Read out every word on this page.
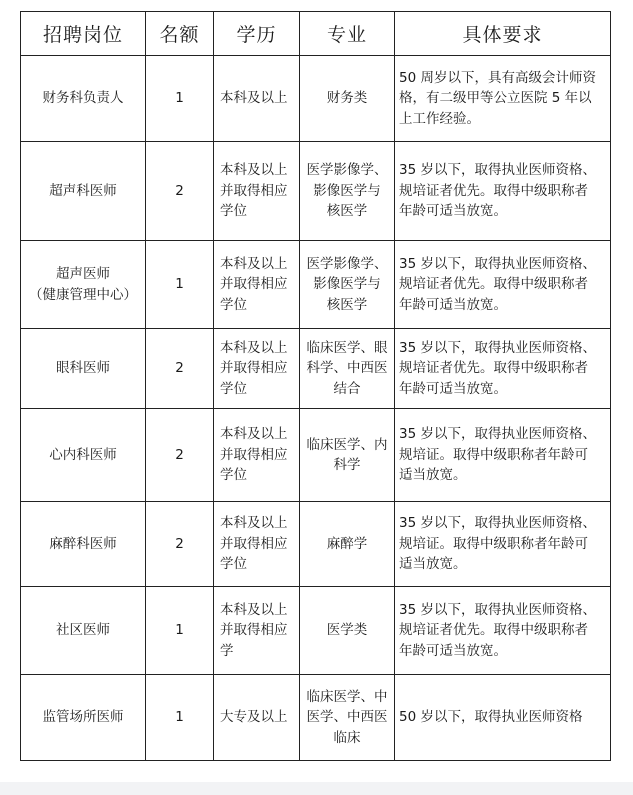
招聘岗位	名额	学历	专业	具体要求

财务科负责人	1	本科及以上	财务类	50 周岁以下，具有高级会计师资
格，有二级甲等公立医院 5 年以
上工作经验。

超声科医师	2	本科及以上
并取得相应
学位	医学影像学、
影像医学与
核医学	35 岁以下，取得执业医师资格、
规培证者优先。取得中级职称者
年龄可适当放宽。

超声医师
（健康管理中心）	1	本科及以上
并取得相应
学位	医学影像学、
影像医学与
核医学	35 岁以下，取得执业医师资格、
规培证者优先。取得中级职称者
年龄可适当放宽。

眼科医师	2	本科及以上
并取得相应
学位	临床医学、眼
科学、中西医
结合	35 岁以下，取得执业医师资格、
规培证者优先。取得中级职称者
年龄可适当放宽。

心内科医师	2	本科及以上
并取得相应
学位	临床医学、内
科学	35 岁以下，取得执业医师资格、
规培证。取得中级职称者年龄可
适当放宽。

麻醉科医师	2	本科及以上
并取得相应
学位	麻醉学	35 岁以下，取得执业医师资格、
规培证。取得中级职称者年龄可
适当放宽。

社区医师	1	本科及以上
并取得相应
学	医学类	35 岁以下，取得执业医师资格、
规培证者优先。取得中级职称者
年龄可适当放宽。

监管场所医师	1	大专及以上	临床医学、中
医学、中西医
临床	50 岁以下，取得执业医师资格
